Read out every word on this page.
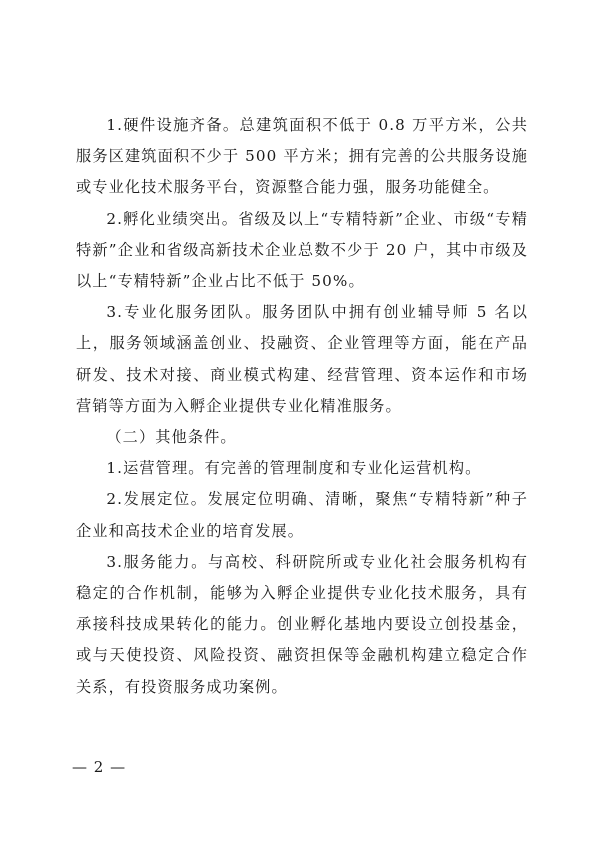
1.硬件设施齐备。总建筑面积不低于 0.8 万平方米，公共服务区建筑面积不少于 500 平方米；拥有完善的公共服务设施或专业化技术服务平台，资源整合能力强，服务功能健全。

2.孵化业绩突出。省级及以上“专精特新”企业、市级“专精特新”企业和省级高新技术企业总数不少于 20 户，其中市级及以上“专精特新”企业占比不低于 50%。

3.专业化服务团队。服务团队中拥有创业辅导师 5 名以上，服务领域涵盖创业、投融资、企业管理等方面，能在产品研发、技术对接、商业模式构建、经营管理、资本运作和市场营销等方面为入孵企业提供专业化精准服务。

（二）其他条件。

1.运营管理。有完善的管理制度和专业化运营机构。

2.发展定位。发展定位明确、清晰，聚焦“专精特新”种子企业和高技术企业的培育发展。

3.服务能力。与高校、科研院所或专业化社会服务机构有稳定的合作机制，能够为入孵企业提供专业化技术服务，具有承接科技成果转化的能力。创业孵化基地内要设立创投基金，或与天使投资、风险投资、融资担保等金融机构建立稳定合作关系，有投资服务成功案例。

— 2 —
